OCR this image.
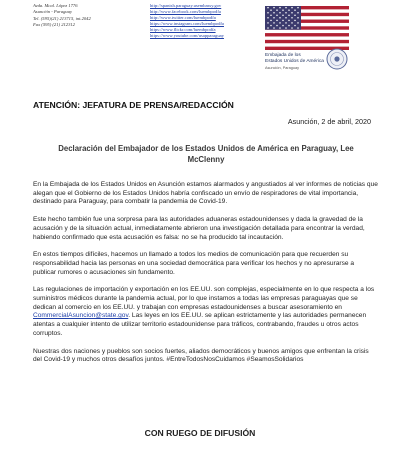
Avda. Mcal. López 1776
Asunción - Paraguay
Tel. (595)(21) 213715, int.2042
Fax (595) (21) 212312
http://spanish.paraguay.usembassy.gov
http://www.facebook.com/luembpodfa
http://www.twitter.com/luembpodfa
https://www.instagram.com/luembpodfa
https://www.flickr.com/luembpodfa
https://www.youtube.com/usapparaguay
Embajada de los
Estados Unidos de América
Asunción, Paraguay
ATENCIÓN: JEFATURA DE PRENSA/REDACCIÓN
Asunción, 2 de abril, 2020
Declaración del Embajador de los Estados Unidos de América en Paraguay, Lee McClenny

En la Embajada de los Estados Unidos en Asunción estamos alarmados y angustiados al ver informes de noticias que alegan que el Gobierno de los Estados Unidos habría confiscado un envío de respiradores de vital importancia, destinado para Paraguay, para combatir la pandemia de Covid-19.

Este hecho también fue una sorpresa para las autoridades aduaneras estadounidenses y dada la gravedad de la acusación y de la situación actual, inmediatamente abrieron una investigación detallada para encontrar la verdad, habiendo confirmado que esta acusación es falsa: no se ha producido tal incautación.

En estos tiempos difíciles, hacemos un llamado a todos los medios de comunicación para que recuerden su responsabilidad hacia las personas en una sociedad democrática para verificar los hechos y no apresurarse a publicar rumores o acusaciones sin fundamento.

Las regulaciones de importación y exportación en los EE.UU. son complejas, especialmente en lo que respecta a los suministros médicos durante la pandemia actual, por lo que instamos a todas las empresas paraguayas que se dedican al comercio en los EE.UU. y trabajan con empresas estadounidenses a buscar asesoramiento en CommercialAsuncion@state.gov. Las leyes en los EE.UU. se aplican estrictamente y las autoridades permanecen atentas a cualquier intento de utilizar territorio estadounidense para tráficos, contrabando, fraudes u otros actos corruptos.

Nuestras dos naciones y pueblos son socios fuertes, aliados democráticos y buenos amigos que enfrentan la crisis del Covid-19 y muchos otros desafíos juntos. #EntreTodosNosCuidamos #SeamosSolidarios

CON RUEGO DE DIFUSIÓN
